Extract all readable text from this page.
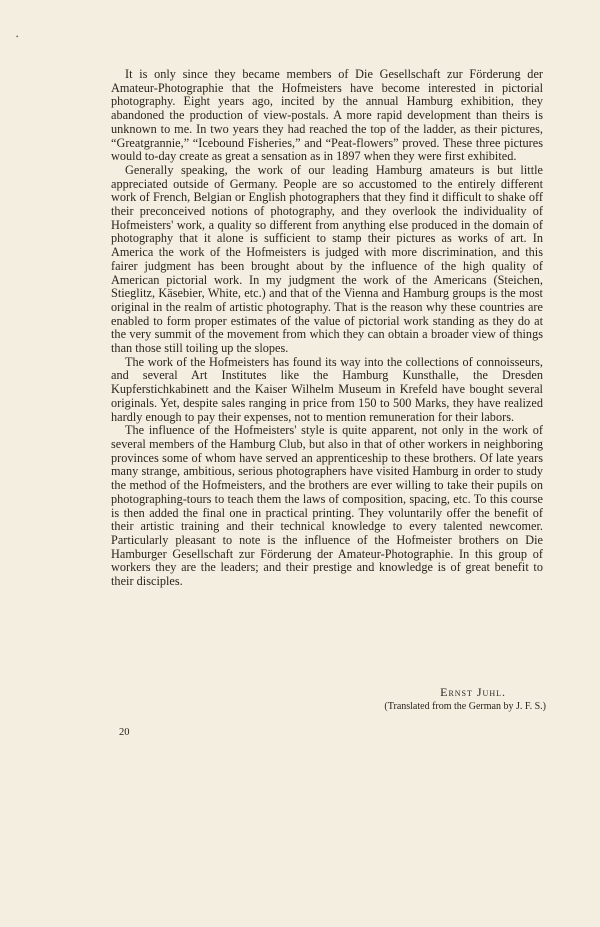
•

It is only since they became members of Die Gesellschaft zur Förderung der Amateur-Photographie that the Hofmeisters have become interested in pictorial photography. Eight years ago, incited by the annual Hamburg exhibition, they abandoned the production of view-postals. A more rapid development than theirs is unknown to me. In two years they had reached the top of the ladder, as their pictures, “Greatgrannie,” “Icebound Fisheries,” and “Peat-flowers” proved. These three pictures would to-day create as great a sensation as in 1897 when they were first exhibited.

Generally speaking, the work of our leading Hamburg amateurs is but little appreciated outside of Germany. People are so accustomed to the entirely different work of French, Belgian or English photographers that they find it difficult to shake off their preconceived notions of photography, and they overlook the individuality of Hofmeisters' work, a quality so different from anything else produced in the domain of photography that it alone is sufficient to stamp their pictures as works of art. In America the work of the Hofmeisters is judged with more discrimination, and this fairer judgment has been brought about by the influence of the high quality of American pictorial work. In my judgment the work of the Americans (Steichen, Stieglitz, Käsebier, White, etc.) and that of the Vienna and Hamburg groups is the most original in the realm of artistic photography. That is the reason why these countries are enabled to form proper estimates of the value of pictorial work standing as they do at the very summit of the movement from which they can obtain a broader view of things than those still toiling up the slopes.

The work of the Hofmeisters has found its way into the collections of connoisseurs, and several Art Institutes like the Hamburg Kunsthalle, the Dresden Kupferstichkabinett and the Kaiser Wilhelm Museum in Krefeld have bought several originals. Yet, despite sales ranging in price from 150 to 500 Marks, they have realized hardly enough to pay their expenses, not to mention remuneration for their labors.

The influence of the Hofmeisters' style is quite apparent, not only in the work of several members of the Hamburg Club, but also in that of other workers in neighboring provinces some of whom have served an apprenticeship to these brothers. Of late years many strange, ambitious, serious photographers have visited Hamburg in order to study the method of the Hofmeisters, and the brothers are ever willing to take their pupils on photographing-tours to teach them the laws of composition, spacing, etc. To this course is then added the final one in practical printing. They voluntarily offer the benefit of their artistic training and their technical knowledge to every talented newcomer. Particularly pleasant to note is the influence of the Hofmeister brothers on Die Hamburger Gesellschaft zur Förderung der Amateur-Photographie. In this group of workers they are the leaders; and their prestige and knowledge is of great benefit to their disciples.

Ernst Juhl.
(Translated from the German by J. F. S.)
20
